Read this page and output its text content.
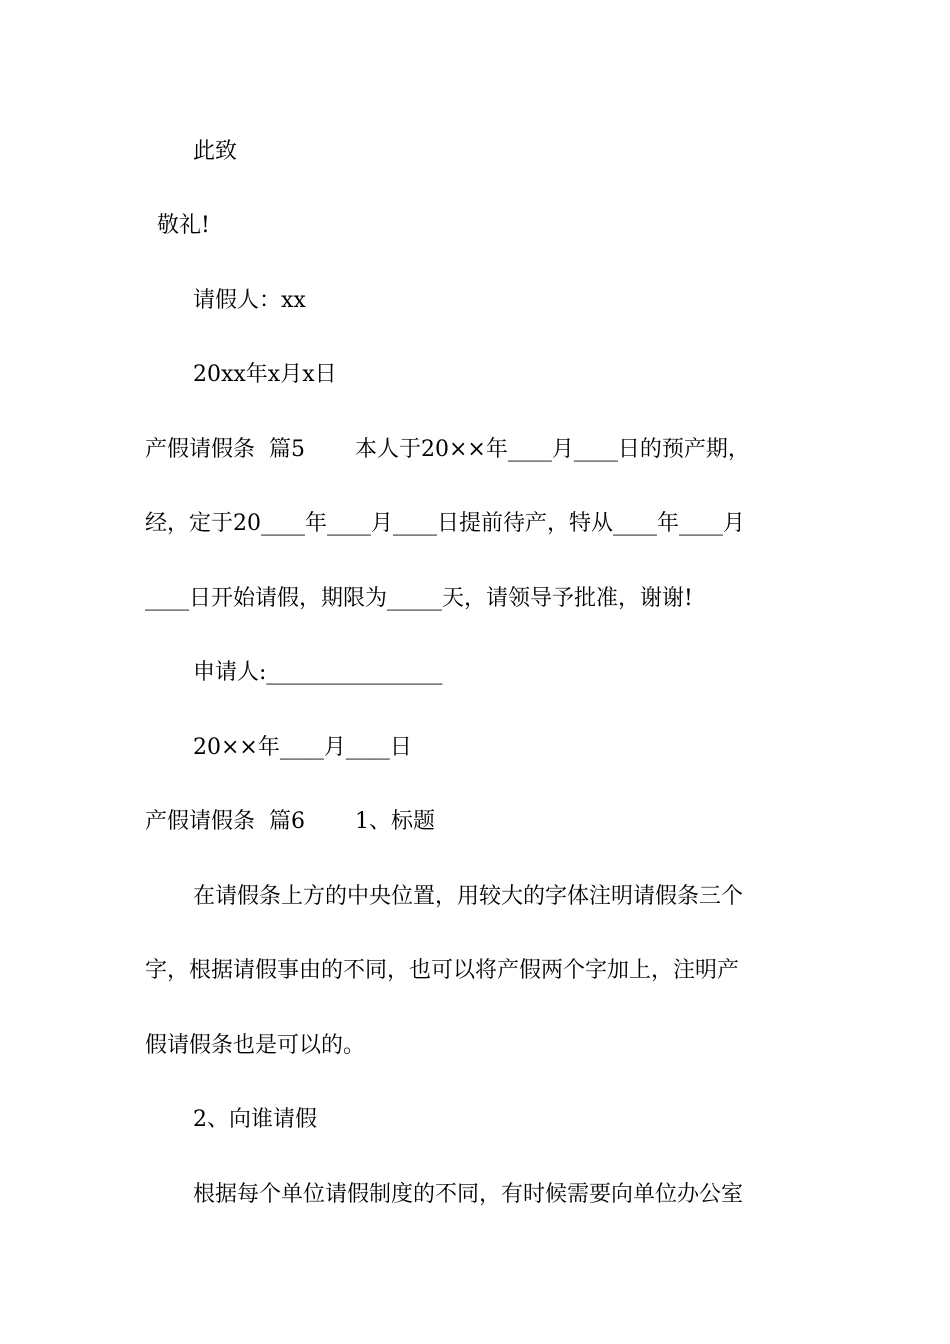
此致

敬礼!

请假人：xx

20xx年x月x日

产假请假条  篇5 本人于20××年____月____日的预产期，

经，定于20____年____月____日提前待产，特从____年____月

____日开始请假，期限为_____天，请领导予批准，谢谢!

申请人:________________

20××年____月____日

产假请假条  篇6 1、标题

在请假条上方的中央位置，用较大的字体注明请假条三个

字，根据请假事由的不同，也可以将产假两个字加上，注明产

假请假条也是可以的。

2、向谁请假

根据每个单位请假制度的不同，有时候需要向单位办公室
